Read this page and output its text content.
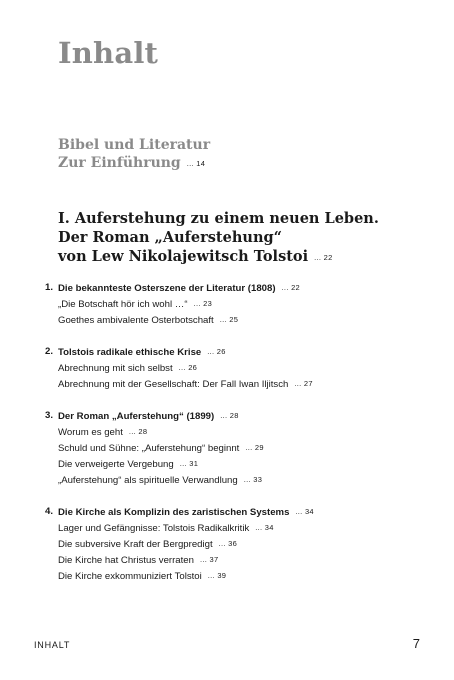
Inhalt
Bibel und Literatur
Zur Einführung ... 14
I. Auferstehung zu einem neuen Leben.
Der Roman „Auferstehung“
von Lew Nikolajewitsch Tolstoi ... 22
1. Die bekannteste Osterszene der Literatur (1808) ... 22
„Die Botschaft hör ich wohl …“ ... 23
Goethes ambivalente Osterbotschaft ... 25
2. Tolstois radikale ethische Krise ... 26
Abrechnung mit sich selbst ... 26
Abrechnung mit der Gesellschaft: Der Fall Iwan Iljitsch ... 27
3. Der Roman „Auferstehung“ (1899) ... 28
Worum es geht ... 28
Schuld und Sühne: „Auferstehung“ beginnt ... 29
Die verweigerte Vergebung ... 31
„Auferstehung“ als spirituelle Verwandlung ... 33
4. Die Kirche als Komplizin des zaristischen Systems ... 34
Lager und Gefängnisse: Tolstois Radikalkritik ... 34
Die subversive Kraft der Bergpredigt ... 36
Die Kirche hat Christus verraten ... 37
Die Kirche exkommuniziert Tolstoi ... 39
INHALT	7
